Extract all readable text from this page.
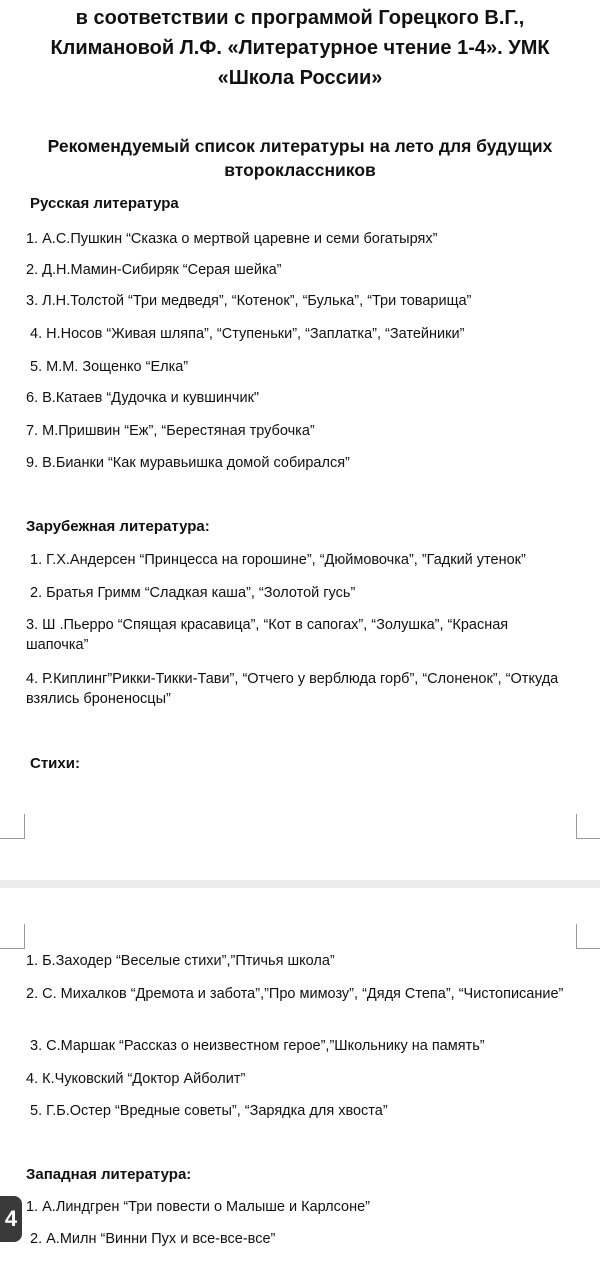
в соответствии с программой Горецкого В.Г.,
Климановой Л.Ф. «Литературное чтение 1-4». УМК
«Школа России»
Рекомендуемый список литературы на лето для будущих
второклассников
Русская литература
1. А.С.Пушкин “Сказка о мертвой царевне и семи богатырях”
2. Д.Н.Мамин-Сибиряк “Серая шейка”
3. Л.Н.Толстой “Три медведя”, “Котенок”, “Булька”, “Три товарища”
4. Н.Носов “Живая шляпа”, “Ступеньки”, “Заплатка”, “Затейники”
5. М.М. Зощенко “Елка”
6. В.Катаев “Дудочка и кувшинчик"
7. М.Пришвин “Еж”, “Берестяная трубочка”
9. В.Бианки “Как муравьишка домой собирался”
Зарубежная литература:
1. Г.Х.Андерсен “Принцесса на горошине”, “Дюймовочка”, ”Гадкий утенок”
2. Братья Гримм “Сладкая каша”, “Золотой гусь”
3. Ш .Пьерро “Спящая красавица”, “Кот в сапогах”, “Золушка”, “Красная шапочка”
4. Р.Киплинг”Рикки-Тикки-Тави”, “Отчего у верблюда горб”, “Слоненок”, “Откуда взялись броненосцы”
Стихи:
1. Б.Заходер “Веселые стихи”,”Птичья школа”
2. С. Михалков “Дремота и забота”,”Про мимозу”, “Дядя Степа”, “Чистописание”
3. С.Маршак “Рассказ о неизвестном герое”,”Школьнику на память”
4. К.Чуковский “Доктор Айболит”
5. Г.Б.Остер “Вредные советы”, “Зарядка для хвоста”
Западная литература:
1. А.Линдгрен “Три повести о Малыше и Карлсоне”
2. А.Милн “Винни Пух и все-все-все”
4
